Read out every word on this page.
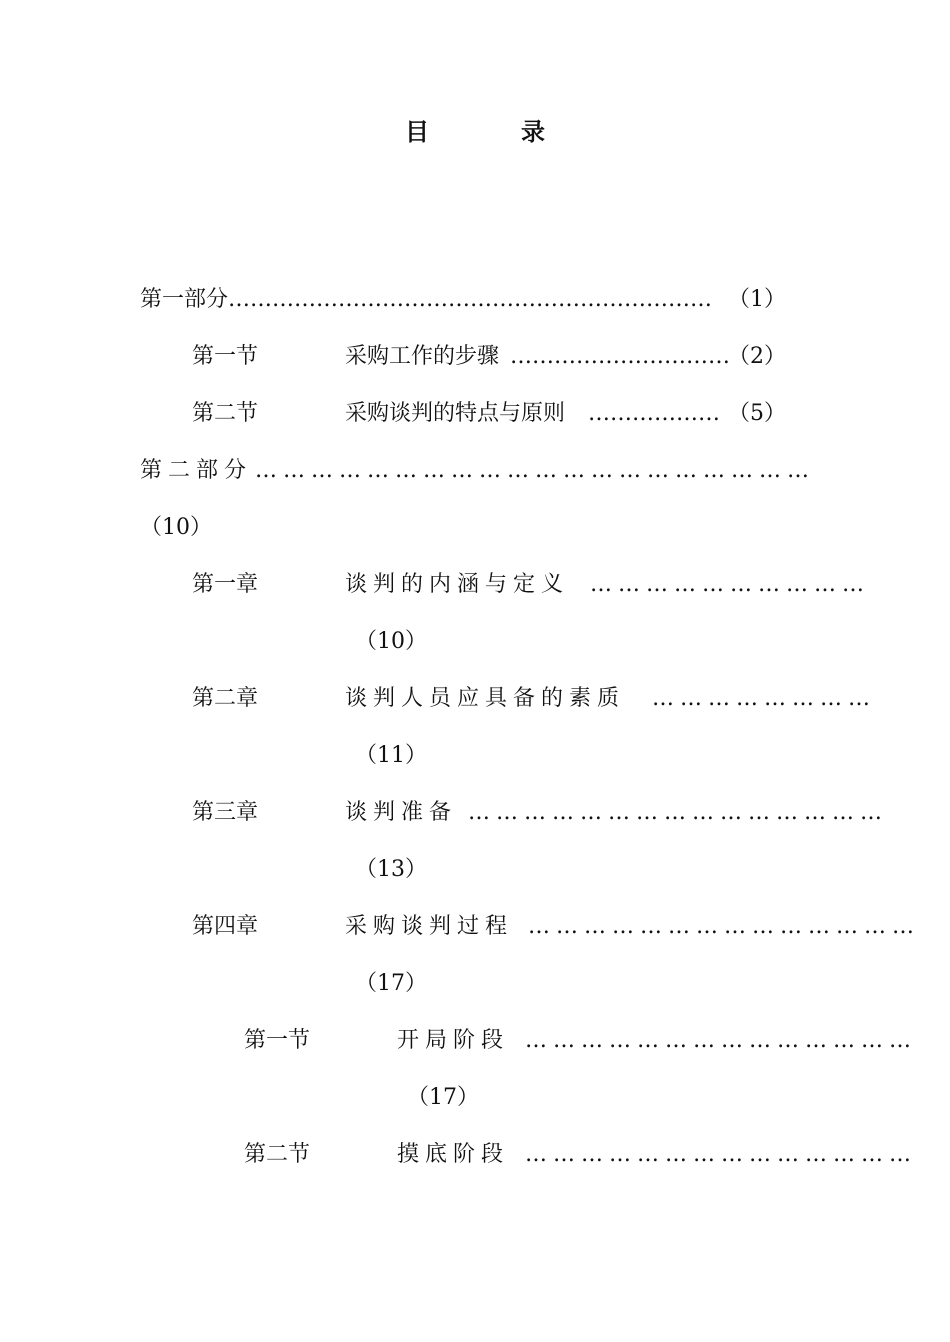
目	录
第一部分 ………………………………………………………… （1）
第一节	采购工作的步骤 …………………………
（2）
第二节	采购谈判的特点与原则 ……………… （5）
第二部分 ……………………………………………………
（10）
第一章	谈判的内涵与定义 …………………………
（10）
第二章	谈判人员应具备的素质 ……………………
（11）
第三章	谈判准备 ………………………………………
（13）
第四章	采购谈判过程 ……………………………………
（17）
第一节	开局阶段 ……………………………………
（17）
第二节	摸底阶段 ……………………………………
